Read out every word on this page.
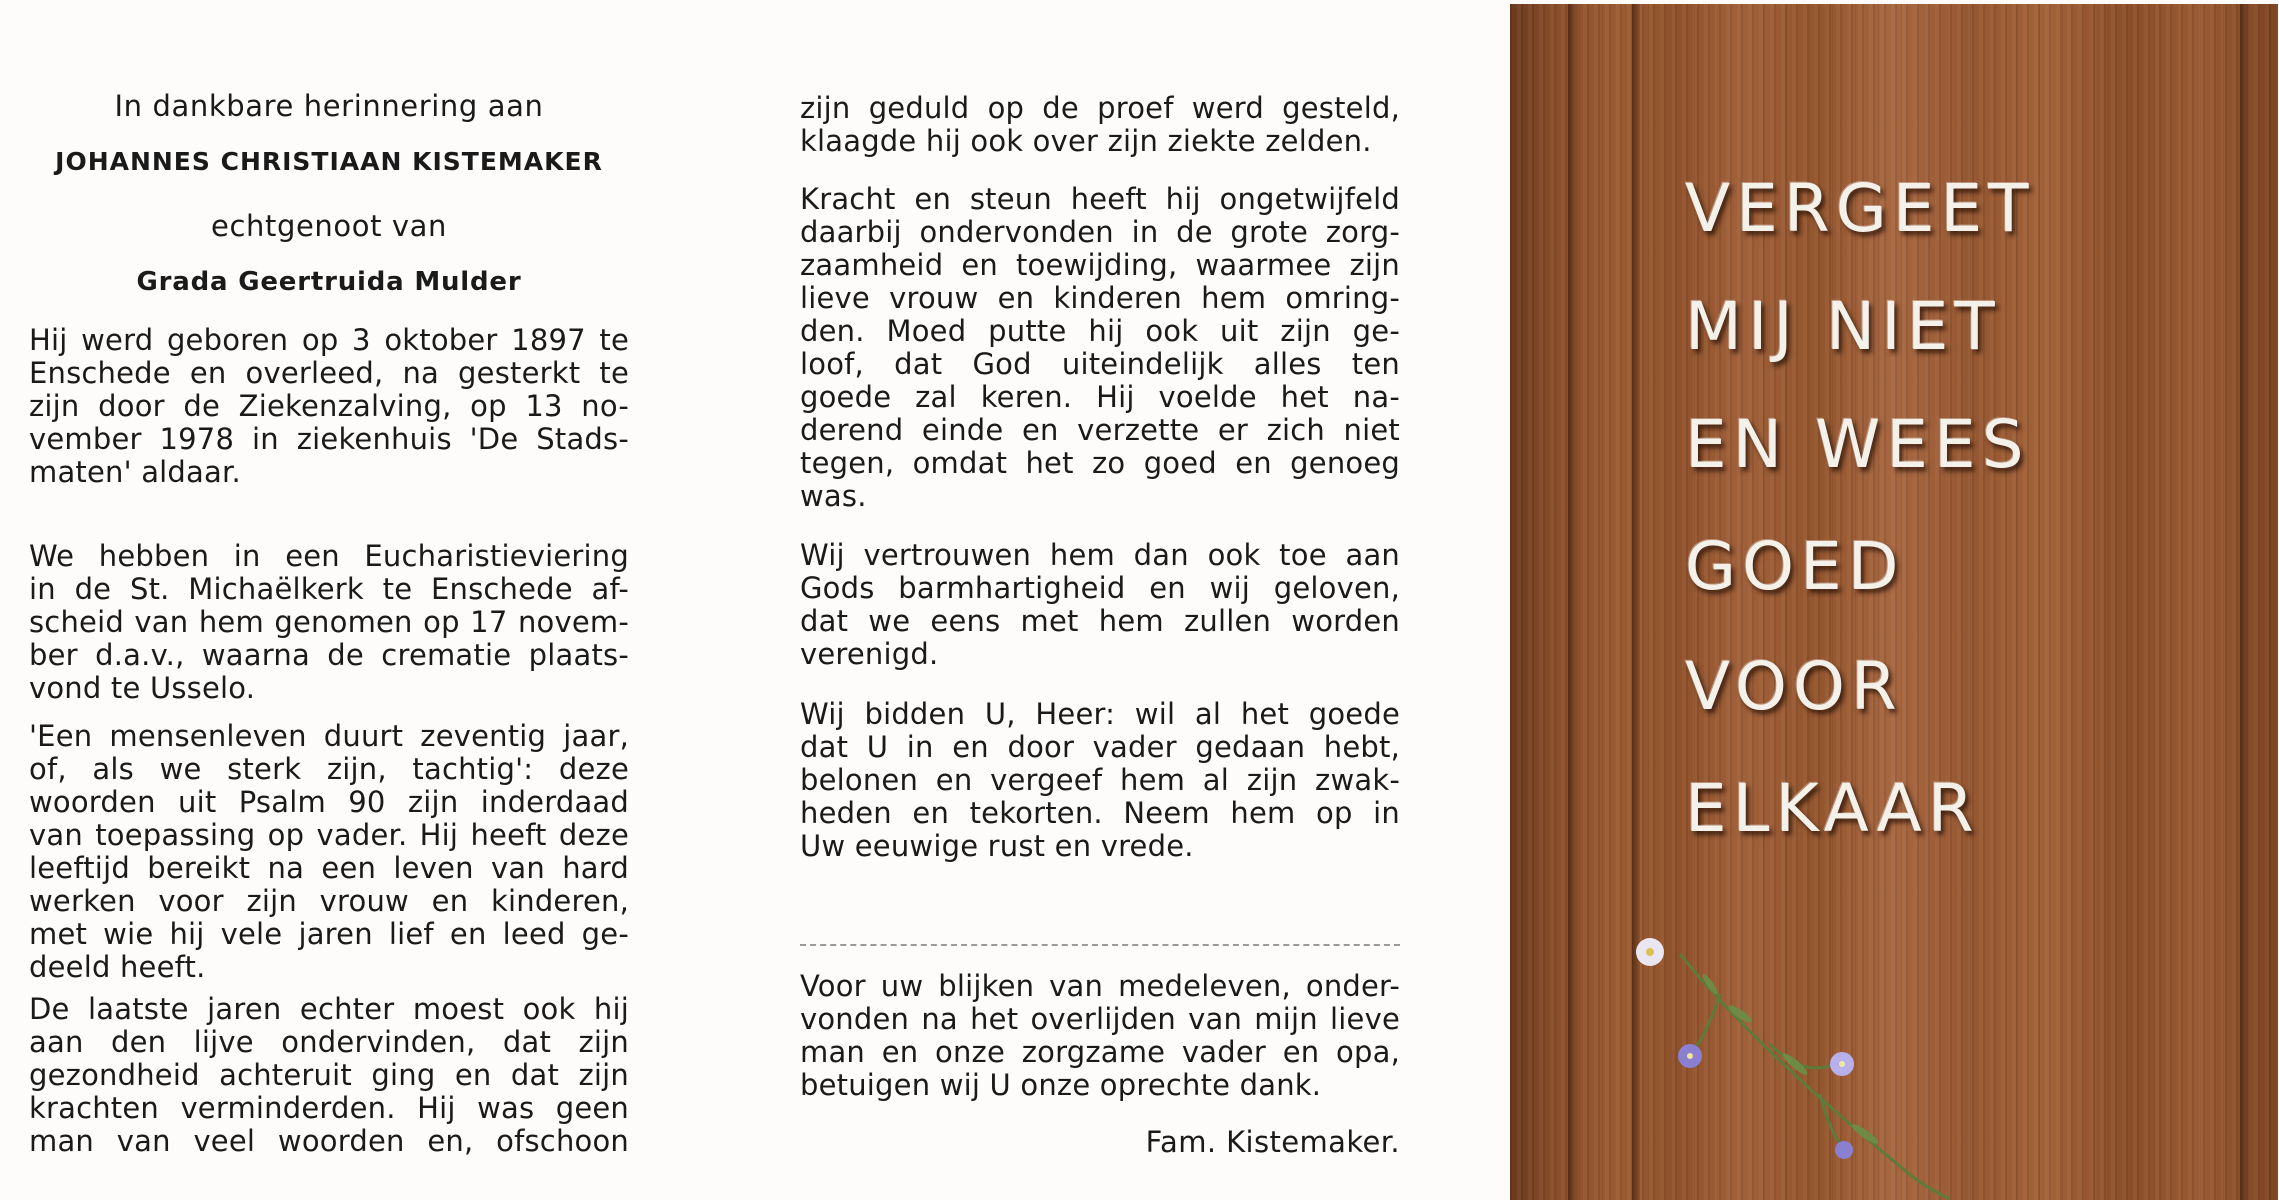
In dankbare herinnering aan
JOHANNES CHRISTIAAN KISTEMAKER
echtgenoot van
Grada Geertruida Mulder

Hij werd geboren op 3 oktober 1897 te

Enschede en overleed, na gesterkt te

zijn door de Ziekenzalving, op 13 no-

vember 1978 in ziekenhuis 'De Stads-

maten' aldaar.

We hebben in een Eucharistieviering

in de St. Michaëlkerk te Enschede af-

scheid van hem genomen op 17 novem-

ber d.a.v., waarna de crematie plaats-

vond te Usselo.

'Een mensenleven duurt zeventig jaar,

of, als we sterk zijn, tachtig': deze

woorden uit Psalm 90 zijn inderdaad

van toepassing op vader. Hij heeft deze

leeftijd bereikt na een leven van hard

werken voor zijn vrouw en kinderen,

met wie hij vele jaren lief en leed ge-

deeld heeft.

De laatste jaren echter moest ook hij

aan den lijve ondervinden, dat zijn

gezondheid achteruit ging en dat zijn

krachten verminderden. Hij was geen

man van veel woorden en, ofschoon

zijn geduld op de proef werd gesteld,

klaagde hij ook over zijn ziekte zelden.

Kracht en steun heeft hij ongetwijfeld

daarbij ondervonden in de grote zorg-

zaamheid en toewijding, waarmee zijn

lieve vrouw en kinderen hem omring-

den. Moed putte hij ook uit zijn ge-

loof, dat God uiteindelijk alles ten

goede zal keren. Hij voelde het na-

derend einde en verzette er zich niet

tegen, omdat het zo goed en genoeg

was.

Wij vertrouwen hem dan ook toe aan

Gods barmhartigheid en wij geloven,

dat we eens met hem zullen worden

verenigd.

Wij bidden U, Heer: wil al het goede

dat U in en door vader gedaan hebt,

belonen en vergeef hem al zijn zwak-

heden en tekorten. Neem hem op in

Uw eeuwige rust en vrede.

Voor uw blijken van medeleven, onder-

vonden na het overlijden van mijn lieve

man en onze zorgzame vader en opa,

betuigen wij U onze oprechte dank.

Fam. Kistemaker.
VERGEET
MIJ NIET
EN WEES
GOED
VOOR
ELKAAR
